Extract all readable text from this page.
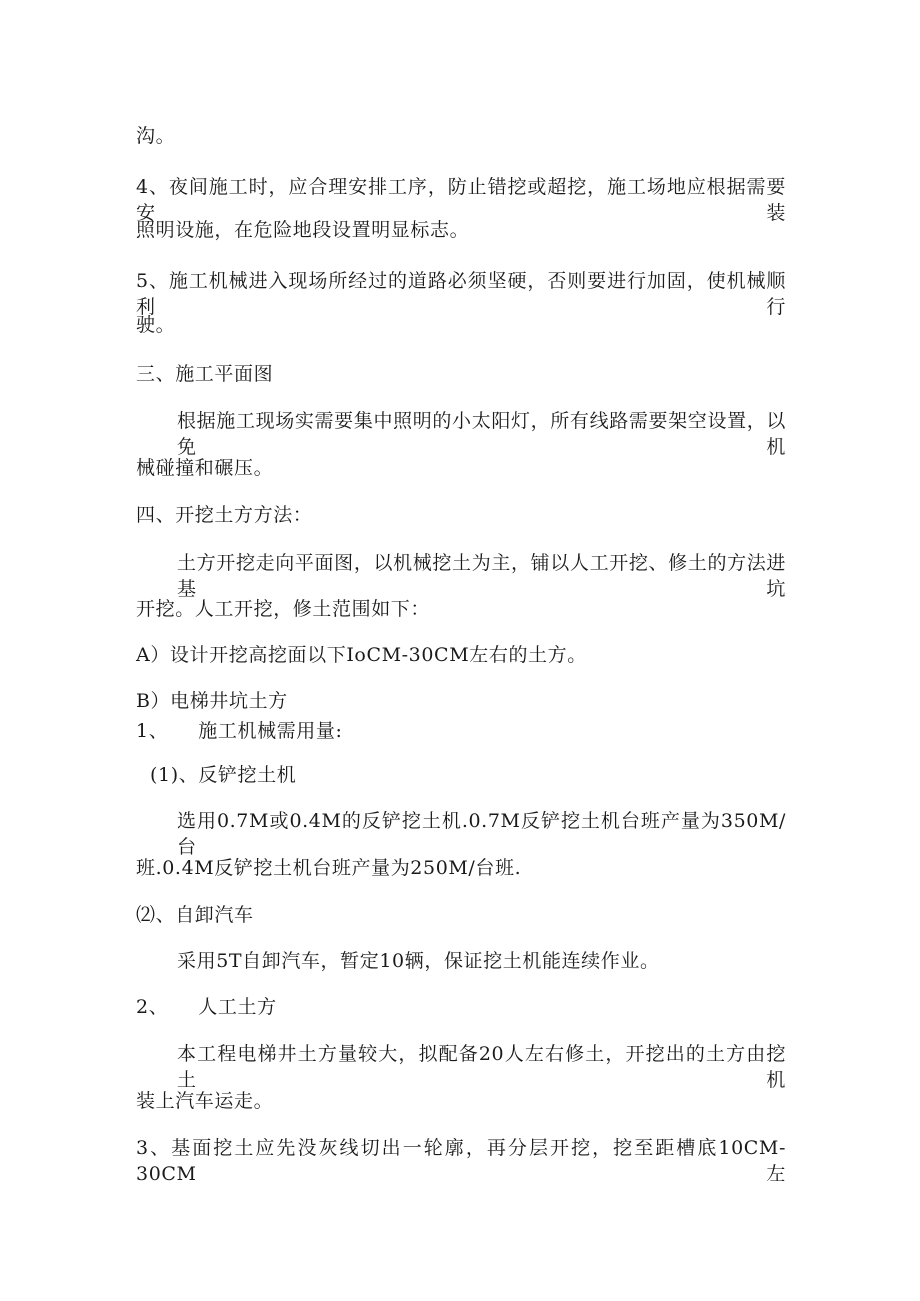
沟。
4、夜间施工时，应合理安排工序，防止错挖或超挖，施工场地应根据需要安装
照明设施，在危险地段设置明显标志。
5、施工机械进入现场所经过的道路必须坚硬，否则要进行加固，使机械顺利行
驶。
三、施工平面图
根据施工现场实需要集中照明的小太阳灯，所有线路需要架空设置，以免机
械碰撞和碾压。
四、开挖土方方法：
土方开挖走向平面图，以机械挖土为主，铺以人工开挖、修土的方法进基坑
开挖。人工开挖，修土范围如下：
A）设计开挖高挖面以下IoCM-30CM左右的土方。
B）电梯井坑土方
1、 施工机械需用量:
(1)、反铲挖土机
选用0.7M或0.4M的反铲挖土机.0.7M反铲挖土机台班产量为350M/台
班.0.4M反铲挖土机台班产量为250M/台班.
⑵、自卸汽车
采用5T自卸汽车，暂定10辆，保证挖土机能连续作业。
2、 人工土方
本工程电梯井土方量较大，拟配备20人左右修土，开挖出的土方由挖土机
装上汽车运走。
3、基面挖土应先没灰线切出一轮廓，再分层开挖，挖至距槽底10CM-30CM左
